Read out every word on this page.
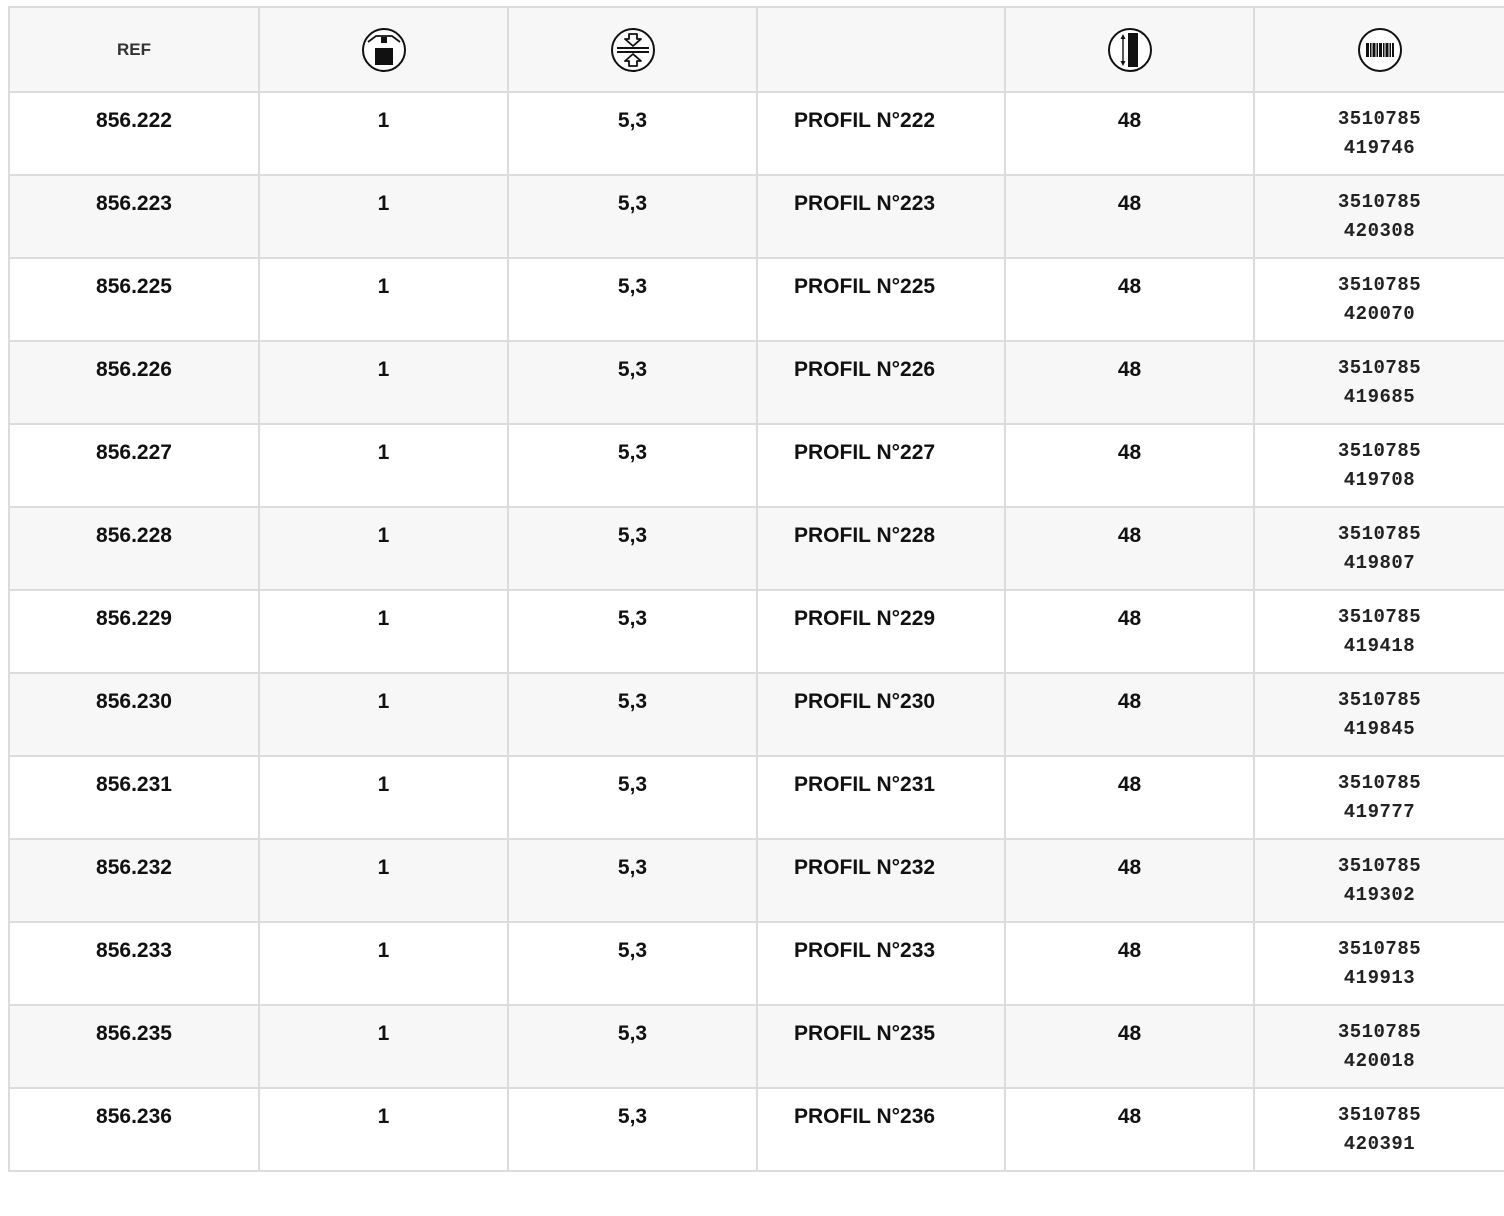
REF	

856.222	1	5,3	PROFIL N°222	48	3510785
419746

856.223	1	5,3	PROFIL N°223	48	3510785
420308

856.225	1	5,3	PROFIL N°225	48	3510785
420070

856.226	1	5,3	PROFIL N°226	48	3510785
419685

856.227	1	5,3	PROFIL N°227	48	3510785
419708

856.228	1	5,3	PROFIL N°228	48	3510785
419807

856.229	1	5,3	PROFIL N°229	48	3510785
419418

856.230	1	5,3	PROFIL N°230	48	3510785
419845

856.231	1	5,3	PROFIL N°231	48	3510785
419777

856.232	1	5,3	PROFIL N°232	48	3510785
419302

856.233	1	5,3	PROFIL N°233	48	3510785
419913

856.235	1	5,3	PROFIL N°235	48	3510785
420018

856.236	1	5,3	PROFIL N°236	48	3510785
420391
